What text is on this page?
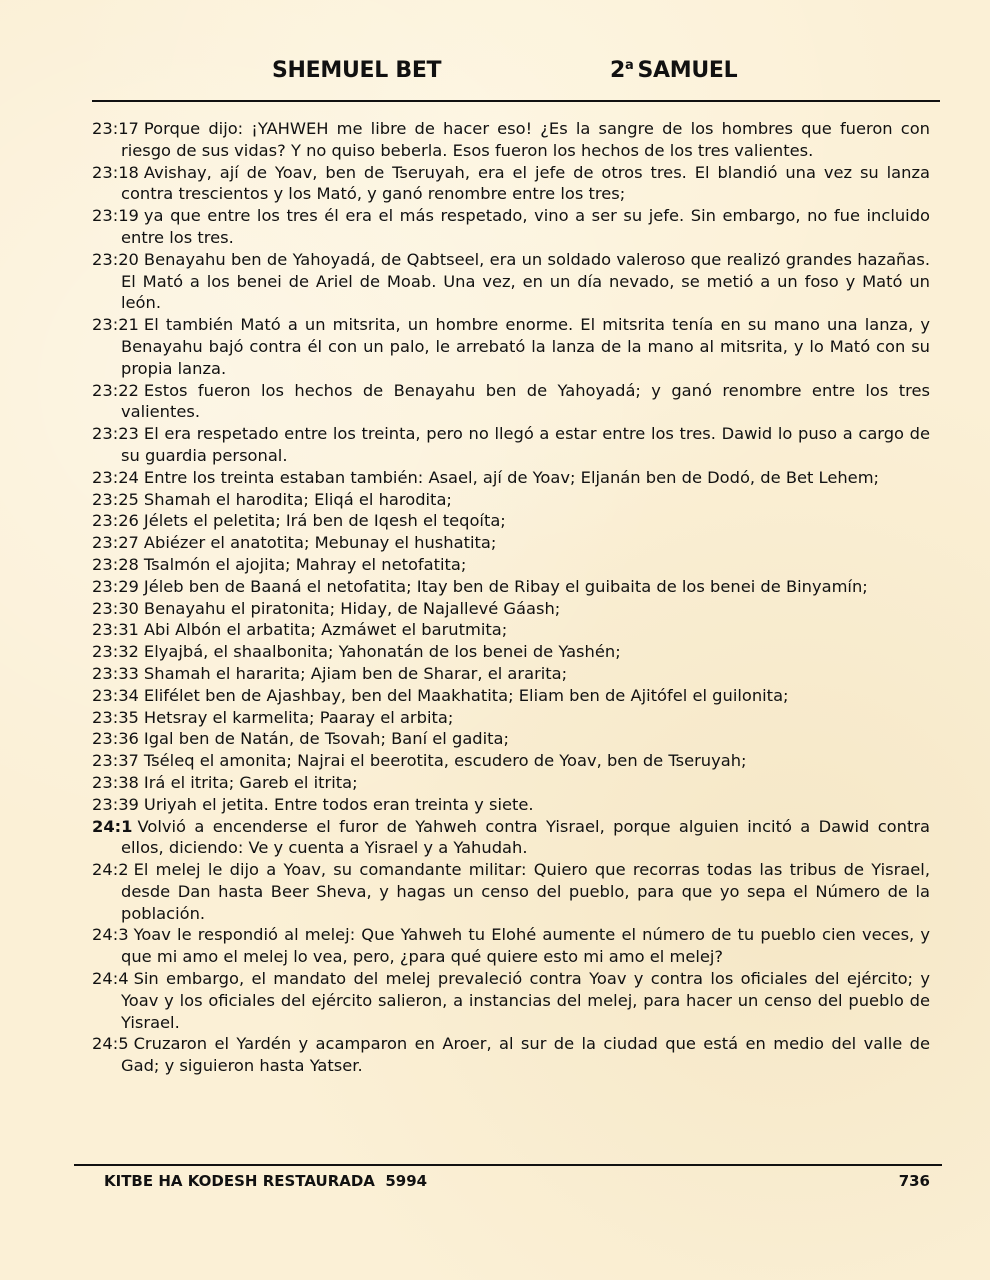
SHEMUEL BET	2$^a$ SAMUEL

23:17 Porque dijo: ¡YAHWEH me libre de hacer eso! ¿Es la sangre de los hombres que fueron con riesgo de sus vidas? Y no quiso beberla. Esos fueron los hechos de los tres valientes.

23:18 Avishay, ají de Yoav, ben de Tseruyah, era el jefe de otros tres. El blandió una vez su lanza contra trescientos y los Mató, y ganó renombre entre los tres;

23:19 ya que entre los tres él era el más respetado, vino a ser su jefe. Sin embargo, no fue incluido entre los tres.

23:20 Benayahu ben de Yahoyadá, de Qabtseel, era un soldado valeroso que realizó grandes hazañas. El Mató a los benei de Ariel de Moab. Una vez, en un día nevado, se metió a un foso y Mató un león.

23:21 El también Mató a un mitsrita, un hombre enorme. El mitsrita tenía en su mano una lanza, y Benayahu bajó contra él con un palo, le arrebató la lanza de la mano al mitsrita, y lo Mató con su propia lanza.

23:22 Estos fueron los hechos de Benayahu ben de Yahoyadá; y ganó renombre entre los tres valientes.

23:23 El era respetado entre los treinta, pero no llegó a estar entre los tres. Dawid lo puso a cargo de su guardia personal.

23:24 Entre los treinta estaban también: Asael, ají de Yoav; Eljanán ben de Dodó, de Bet Lehem;

23:25 Shamah el harodita; Eliqá el harodita;

23:26 Jélets el peletita; Irá ben de Iqesh el teqoíta;

23:27 Abiézer el anatotita; Mebunay el hushatita;

23:28 Tsalmón el ajojita; Mahray el netofatita;

23:29 Jéleb ben de Baaná el netofatita; Itay ben de Ribay el guibaita de los benei de Binyamín;

23:30 Benayahu el piratonita; Hiday, de Najallevé Gáash;

23:31 Abi Albón el arbatita; Azmáwet el barutmita;

23:32 Elyajbá, el shaalbonita; Yahonatán de los benei de Yashén;

23:33 Shamah el hararita; Ajiam ben de Sharar, el ararita;

23:34 Elifélet ben de Ajashbay, ben del Maakhatita; Eliam ben de Ajitófel el guilonita;

23:35 Hetsray el karmelita; Paaray el arbita;

23:36 Igal ben de Natán, de Tsovah; Baní el gadita;

23:37 Tséleq el amonita; Najrai el beerotita, escudero de Yoav, ben de Tseruyah;

23:38 Irá el itrita; Gareb el itrita;

23:39 Uriyah el jetita. Entre todos eran treinta y siete.

24:1 Volvió a encenderse el furor de Yahweh contra Yisrael, porque alguien incitó a Dawid contra ellos, diciendo: Ve y cuenta a Yisrael y a Yahudah.

24:2 El melej le dijo a Yoav, su comandante militar: Quiero que recorras todas las tribus de Yisrael, desde Dan hasta Beer Sheva, y hagas un censo del pueblo, para que yo sepa el Número de la población.

24:3 Yoav le respondió al melej: Que Yahweh tu Elohé aumente el número de tu pueblo cien veces, y que mi amo el melej lo vea, pero, ¿para qué quiere esto mi amo el melej?

24:4 Sin embargo, el mandato del melej prevaleció contra Yoav y contra los oficiales del ejército; y Yoav y los oficiales del ejército salieron, a instancias del melej, para hacer un censo del pueblo de Yisrael.

24:5 Cruzaron el Yardén y acamparon en Aroer, al sur de la ciudad que está en medio del valle de Gad; y siguieron hasta Yatser.

KITBE HA KODESH RESTAURADA  5994	736
